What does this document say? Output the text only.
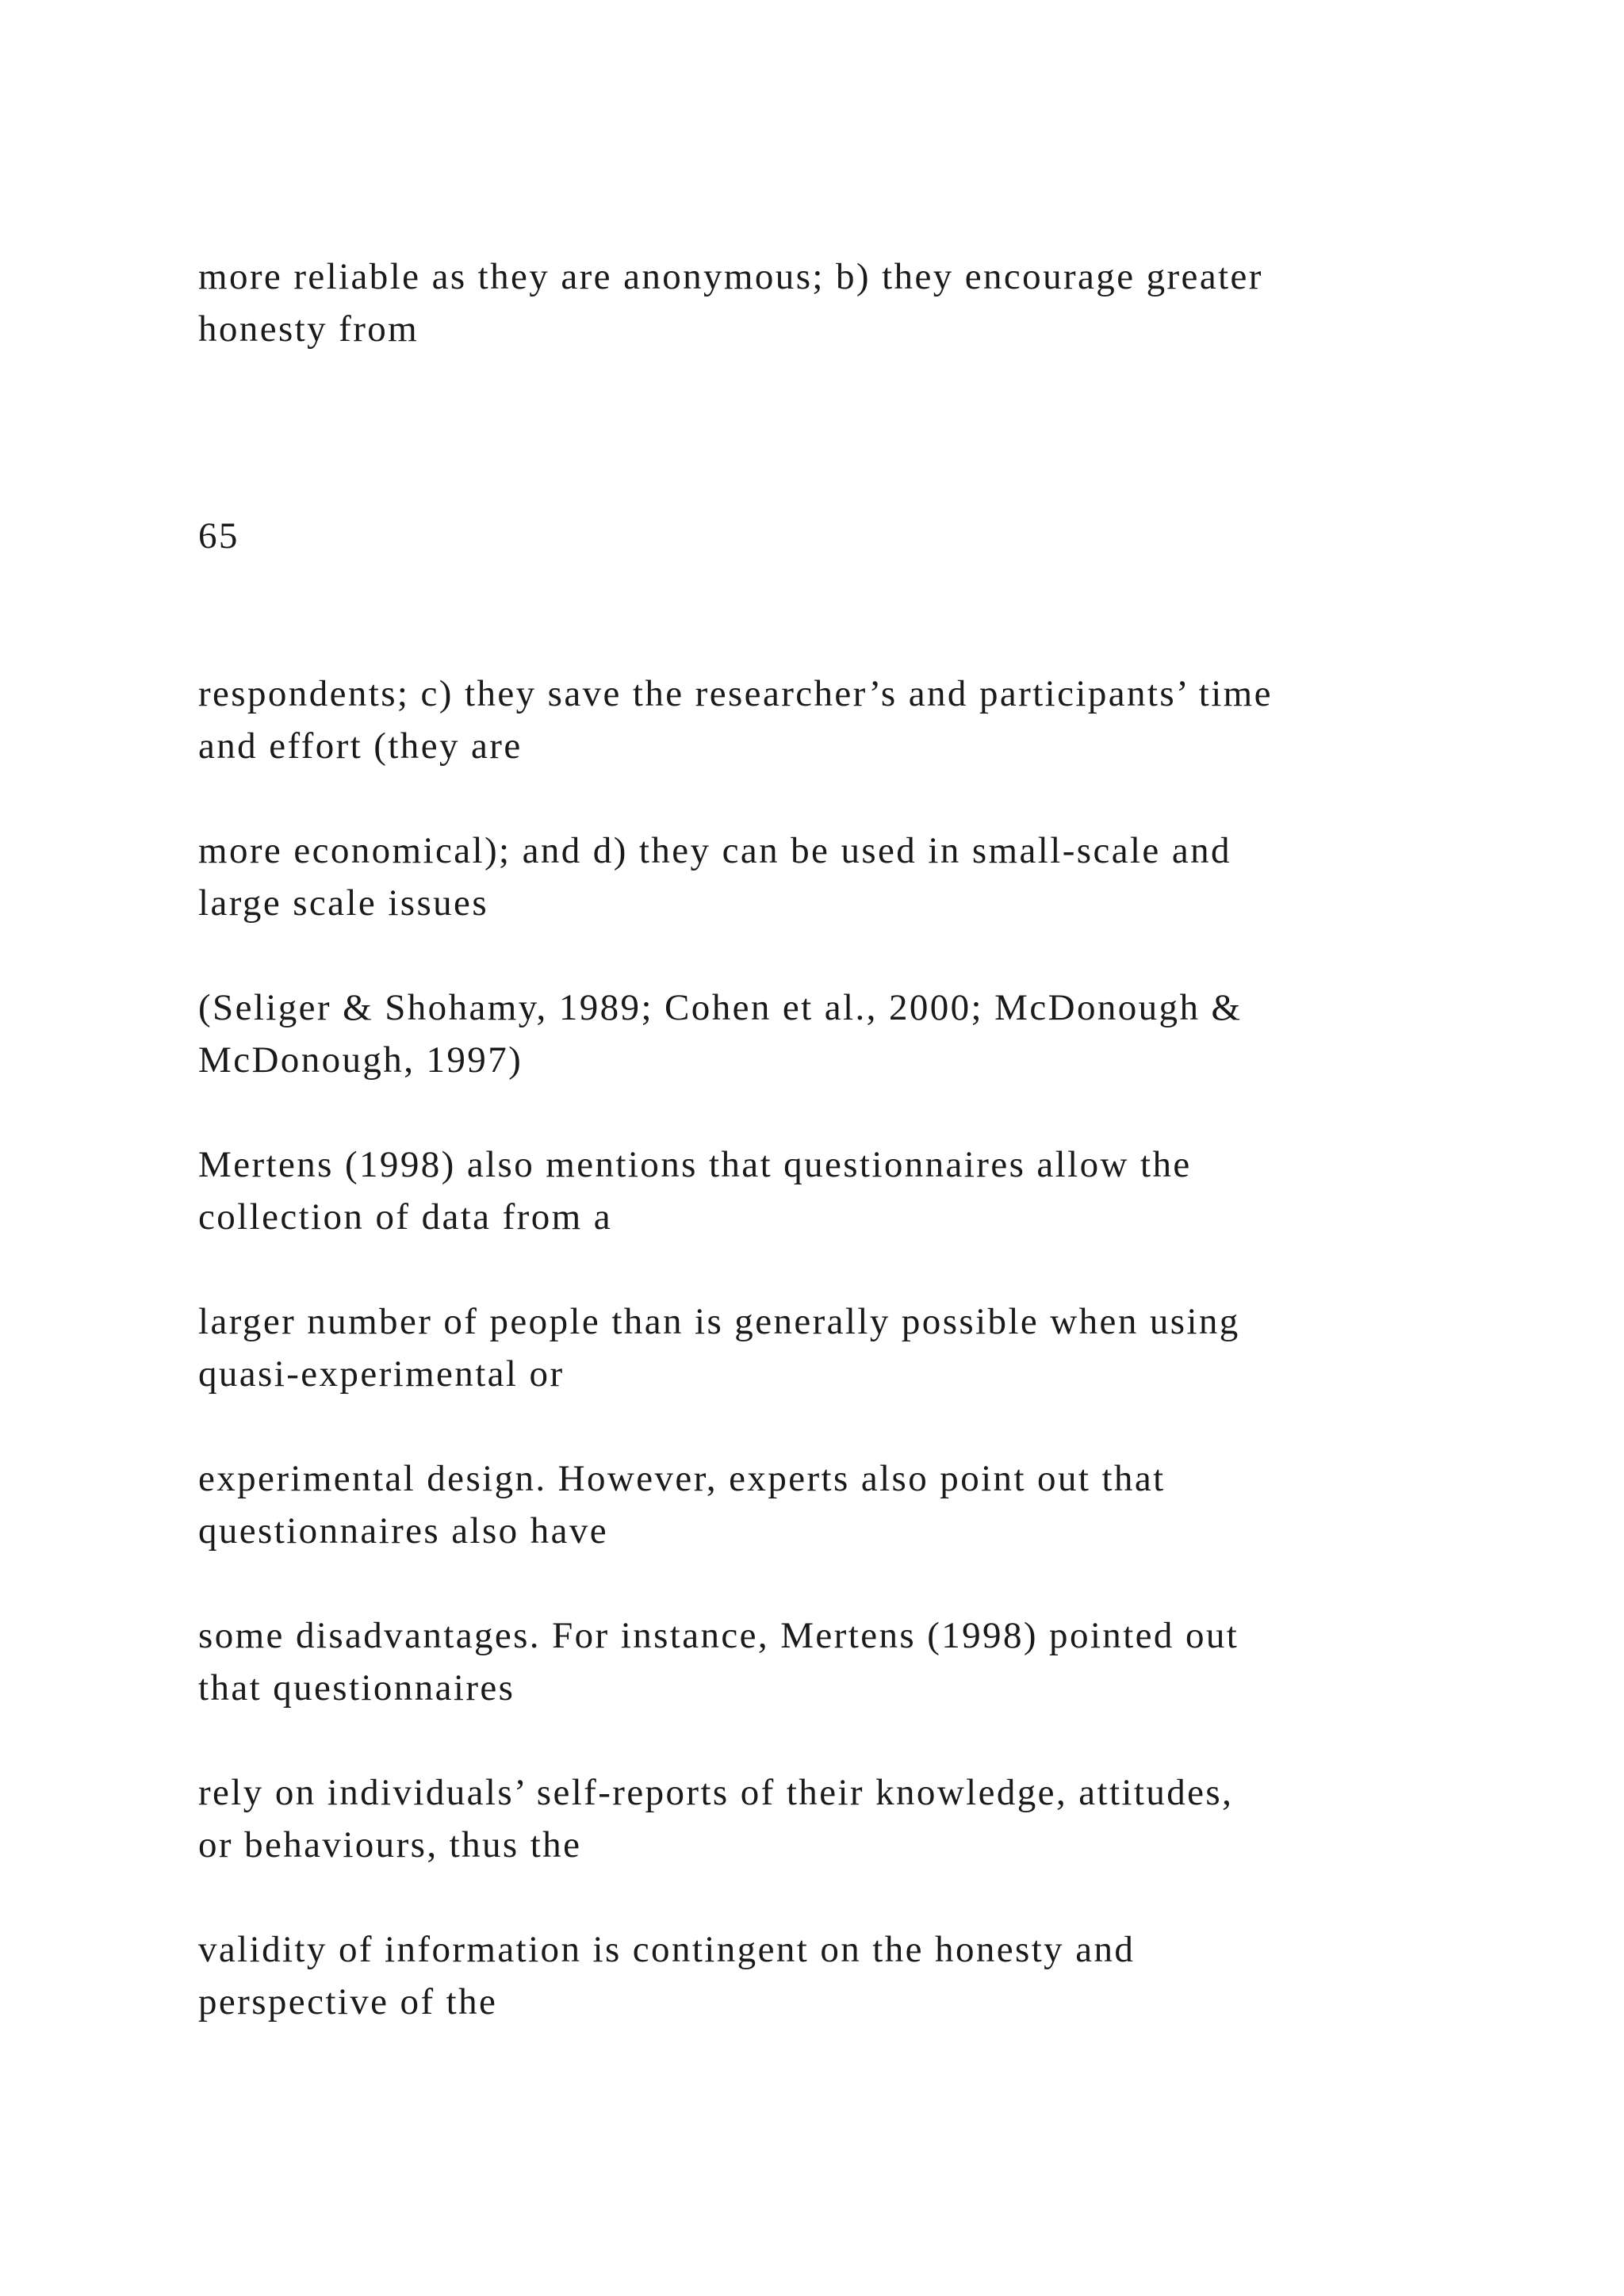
more reliable as they are anonymous; b) they encourage greater
honesty from

65

respondents; c) they save the researcher’s and participants’ time
and effort (they are

more economical); and d) they can be used in small-scale and
large scale issues

(Seliger & Shohamy, 1989; Cohen et al., 2000; McDonough &
McDonough, 1997)

Mertens (1998) also mentions that questionnaires allow the
collection of data from a

larger number of people than is generally possible when using
quasi-experimental or

experimental design. However, experts also point out that
questionnaires also have

some disadvantages. For instance, Mertens (1998) pointed out
that questionnaires

rely on individuals’ self-reports of their knowledge, attitudes,
or behaviours, thus the

validity of information is contingent on the honesty and
perspective of the
